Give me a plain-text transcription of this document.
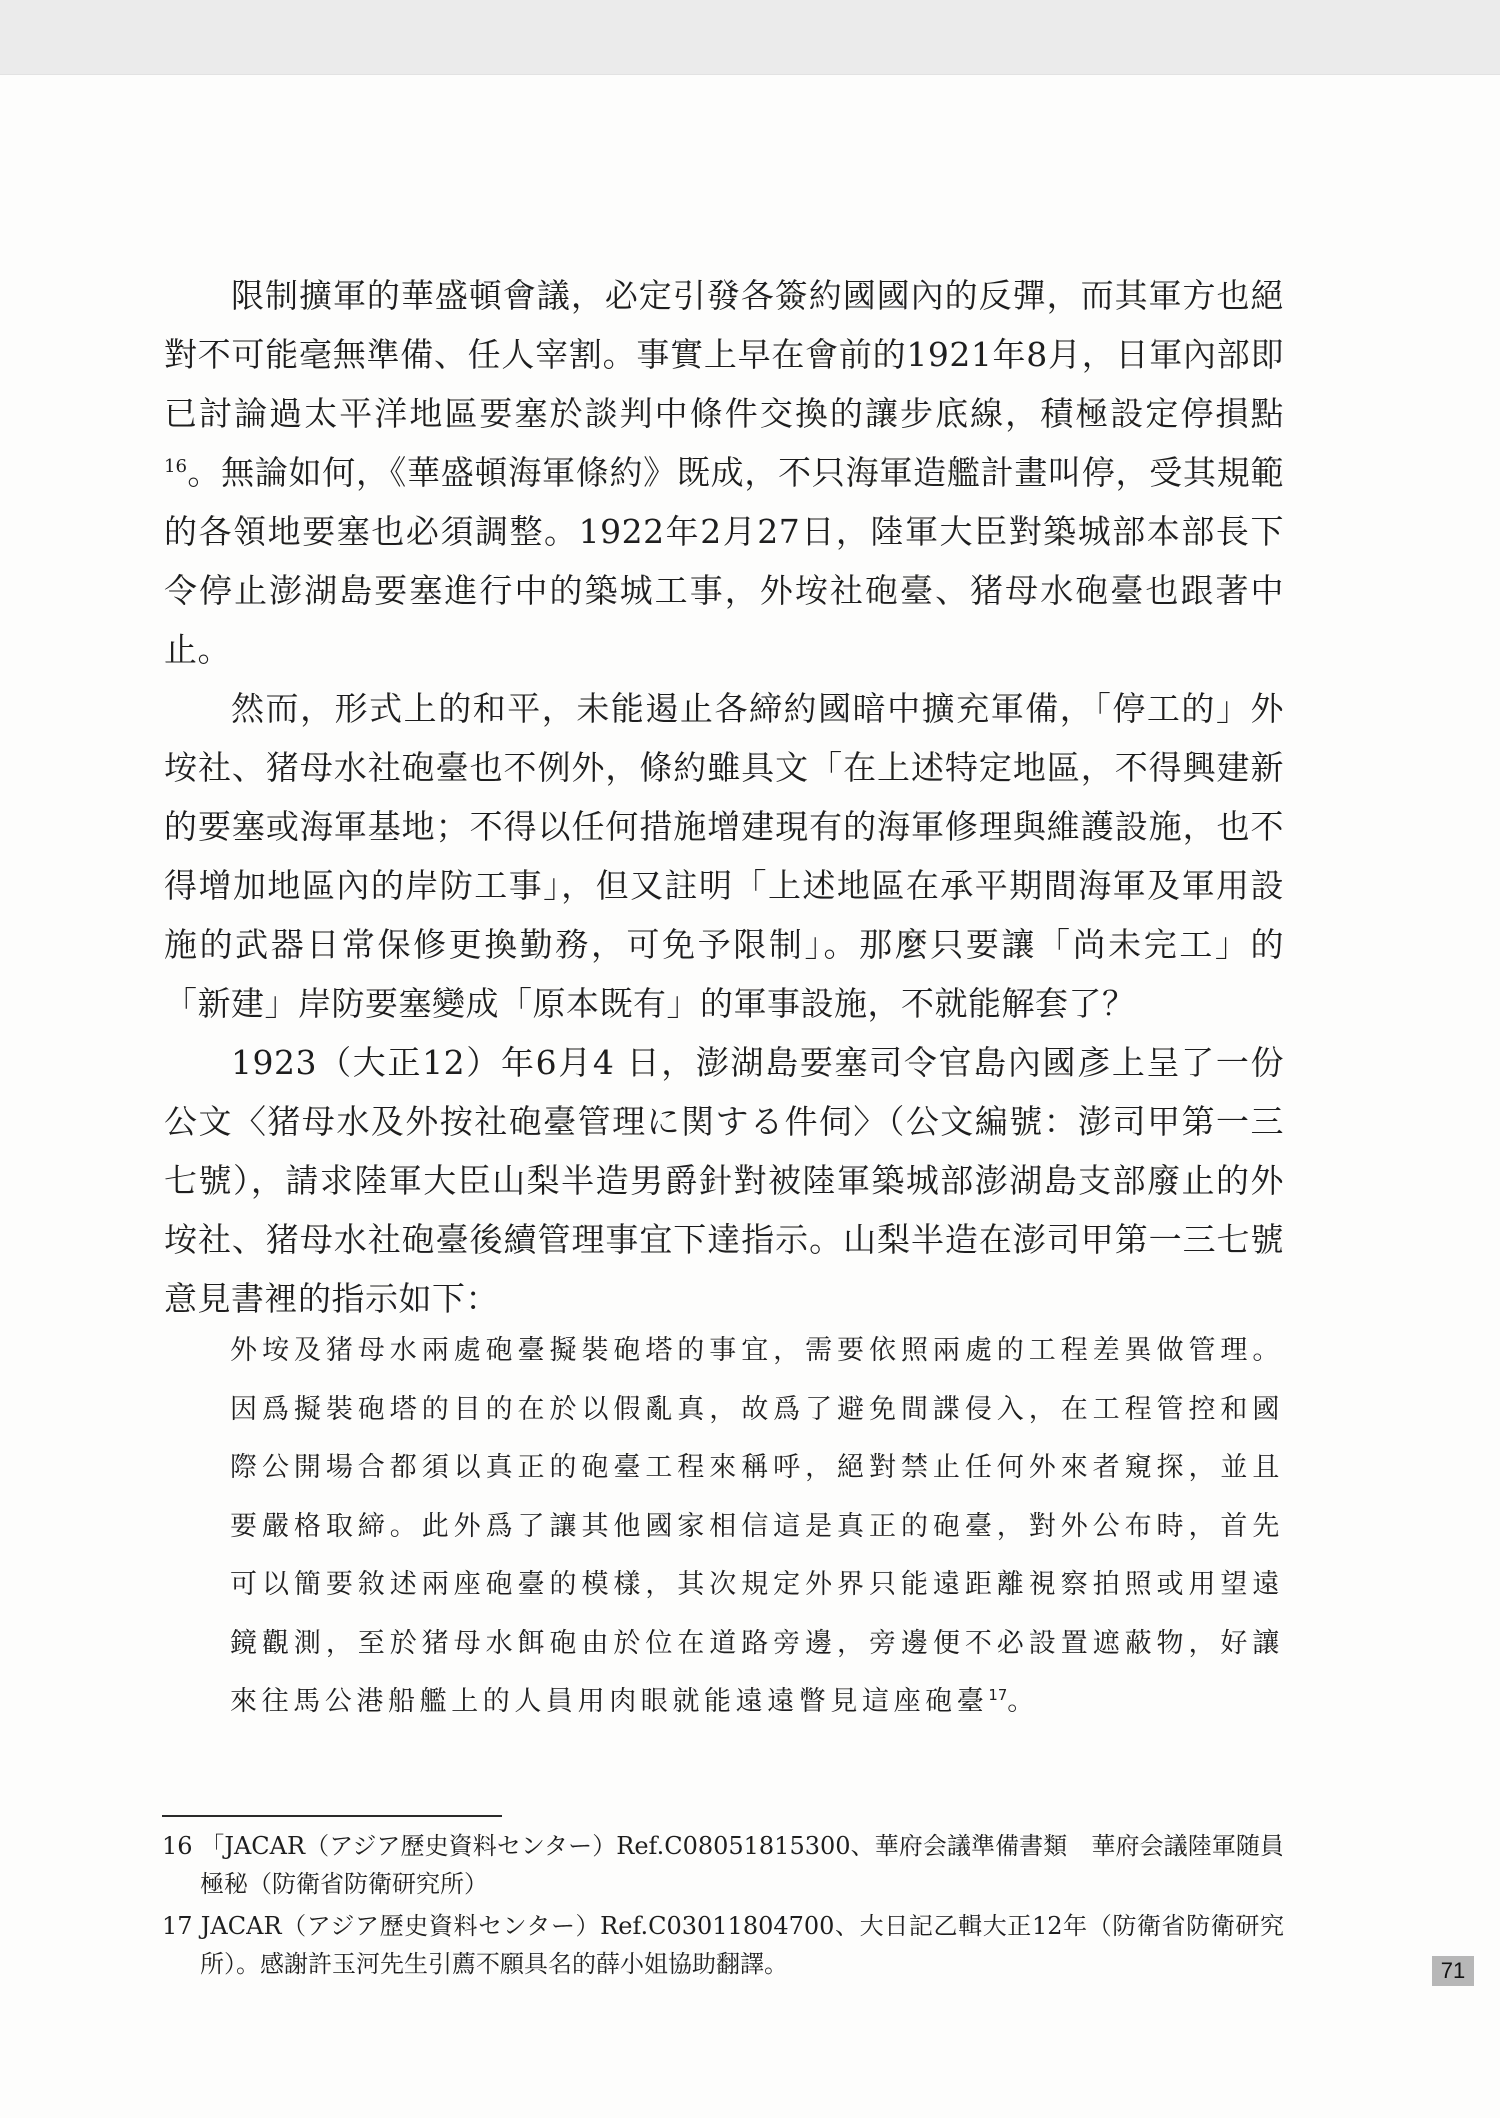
限制擴軍的華盛頓會議，必定引發各簽約國國內的反彈，而其軍方也絕對不可能毫無準備、任人宰割。事實上早在會前的1921年8月，日軍內部即已討論過太平洋地區要塞於談判中條件交換的讓步底線，積極設定停損點$^{16}$。無論如何，《華盛頓海軍條約》既成，不只海軍造艦計畫叫停，受其規範的各領地要塞也必須調整。1922年2月27日，陸軍大臣對築城部本部長下令停止澎湖島要塞進行中的築城工事，外垵社砲臺、猪母水砲臺也跟著中止。

然而，形式上的和平，未能遏止各締約國暗中擴充軍備，「停工的」外垵社、猪母水社砲臺也不例外，條約雖具文「在上述特定地區，不得興建新的要塞或海軍基地；不得以任何措施增建現有的海軍修理與維護設施，也不得增加地區內的岸防工事」，但又註明「上述地區在承平期間海軍及軍用設施的武器日常保修更換勤務，可免予限制」。那麼只要讓「尚未完工」的「新建」岸防要塞變成「原本既有」的軍事設施，不就能解套了？

1923（大正12）年6月4 日，澎湖島要塞司令官島內國彥上呈了一份公文〈猪母水及外按社砲臺管理に関する件伺〉（公文編號：澎司甲第一三七號），請求陸軍大臣山梨半造男爵針對被陸軍築城部澎湖島支部廢止的外垵社、猪母水社砲臺後續管理事宜下達指示。山梨半造在澎司甲第一三七號意見書裡的指示如下：

外垵及猪母水兩處砲臺擬裝砲塔的事宜，需要依照兩處的工程差異做管理。因爲擬裝砲塔的目的在於以假亂真，故爲了避免間諜侵入，在工程管控和國際公開場合都須以真正的砲臺工程來稱呼，絕對禁止任何外來者窺探，並且要嚴格取締。此外爲了讓其他國家相信這是真正的砲臺，對外公布時，首先可以簡要敘述兩座砲臺的模樣，其次規定外界只能遠距離視察拍照或用望遠鏡觀測，至於猪母水餌砲由於位在道路旁邊，旁邊便不必設置遮蔽物，好讓來往馬公港船艦上的人員用肉眼就能遠遠瞥見這座砲臺$^{17}$。

16 「JACAR（アジア歷史資料センター）Ref.C08051815300、華府会議準備書類　華府会議陸軍随員極秘（防衛省防衛研究所）

17 JACAR（アジア歷史資料センター）Ref.C03011804700、大日記乙輯大正12年（防衛省防衛研究所）。感謝許玉河先生引薦不願具名的薛小姐協助翻譯。	71
